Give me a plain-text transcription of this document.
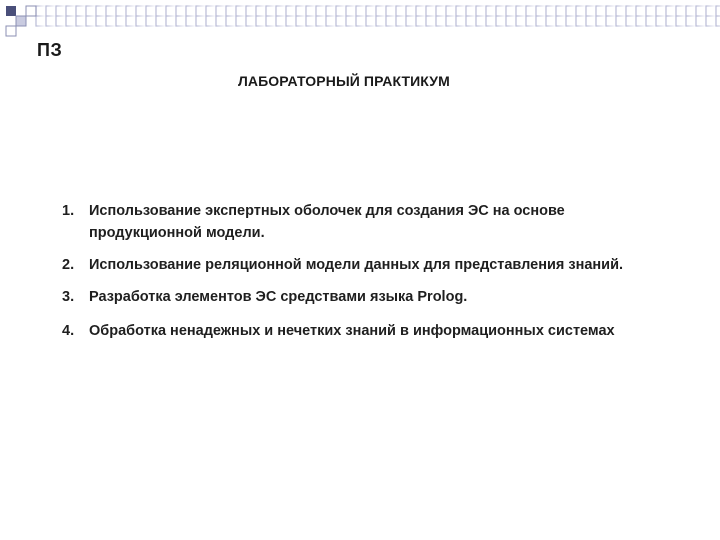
ПЗ
ЛАБОРАТОРНЫЙ ПРАКТИКУМ
1. Использование экспертных оболочек для создания ЭС на основе продукционной модели.
2. Использование реляционной модели данных для представления знаний.
3. Разработка элементов ЭС средствами языка Prolog.
4. Обработка ненадежных и нечетких знаний в информационных системах
